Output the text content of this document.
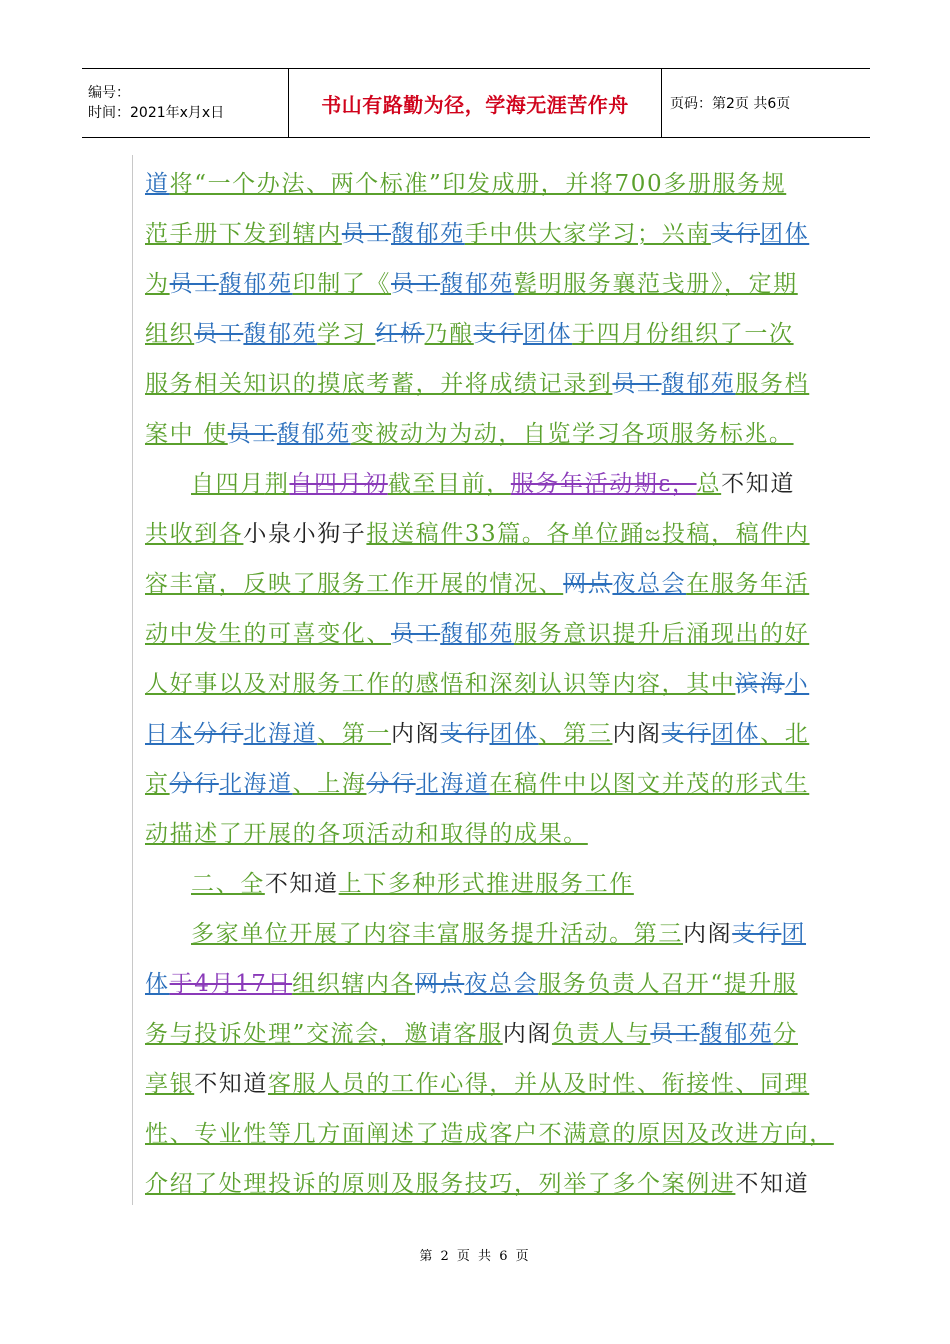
编号：
时间：2021年x月x日	书山有路勤为径，学海无涯苦作舟	页码：第2页 共6页
道将“一个办法、两个标准”印发成册，并将700多册服务规
范手册下发到辖内员工馥郁苑手中供大家学习；兴南支行团体
为员工馥郁苑印制了《员工馥郁苑甏明服务襄范戋册》，定期
组织员工馥郁苑学习 红桥乃酿支行团体于四月份组织了一次
服务相关知识的摸底考蓄，并将成绩记录到员工馥郁苑服务档
案中 使员工馥郁苑变被动为为动，自览学习各项服务标兆。
自四月荆自四月初截至目前，服务年活动期ε，总不知道
共收到各小泉小狗子报送稿件33篇。各单位踊ಜ投稿，稿件内
容丰富，反映了服务工作开展的情况、网点夜总会在服务年活
动中发生的可喜变化、员工馥郁苑服务意识提升后涌现出的好
人好事以及对服务工作的感悟和深刻认识等内容，其中滨海小
日本分行北海道、第一内阁支行团体、第三内阁支行团体、北
京分行北海道、上海分行北海道在稿件中以图文并茂的形式生
动描述了开展的各项活动和取得的成果。
二、全不知道上下多种形式推进服务工作
多家单位开展了内容丰富服务提升活动。第三内阁支行团
体于4月17日组织辖内各网点夜总会服务负责人召开“提升服
务与投诉处理”交流会，邀请客服内阁负责人与员工馥郁苑分
享银不知道客服人员的工作心得，并从及时性、衔接性、同理
性、专业性等几方面阐述了造成客户不满意的原因及改进方向，
介绍了处理投诉的原则及服务技巧，列举了多个案例进不知道
第 2 页 共 6 页
